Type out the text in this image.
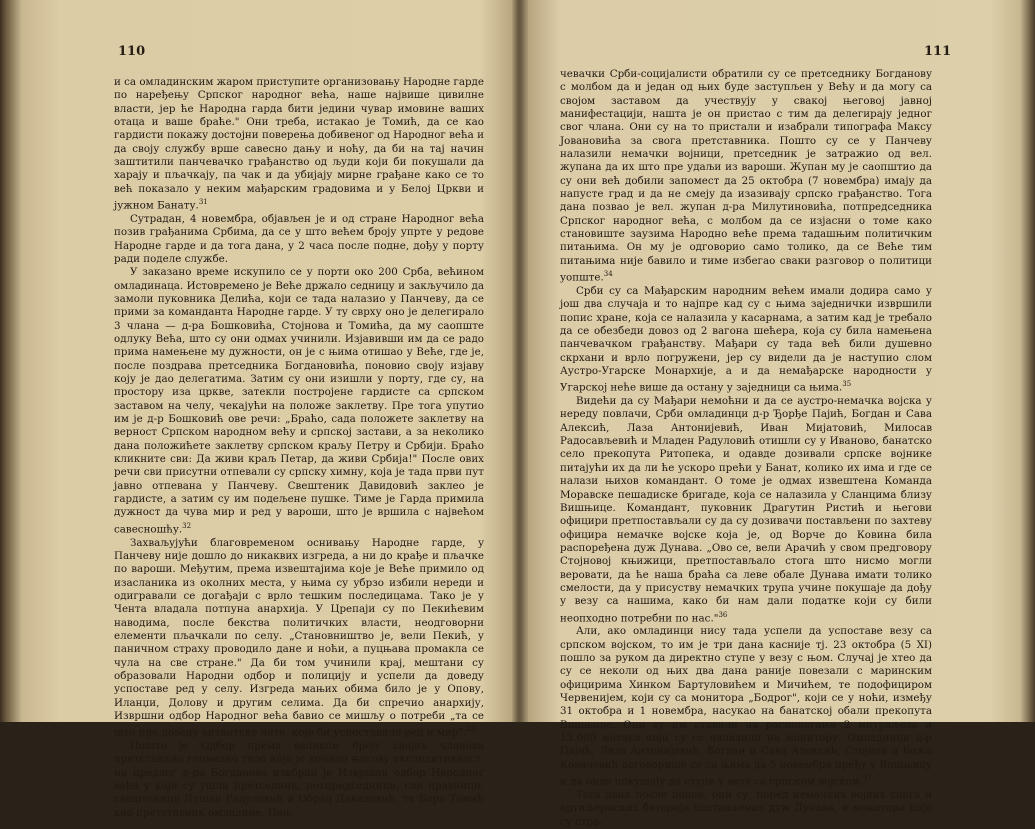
110

и са омладинским жаром приступите организовању Народне гарде по наређењу Српског народног већа, наше највише цивилне власти, јер ће Народна гарда бити једини чувар имовине ваших отаца и ваше браће." Они треба, истакао је Томић, да се као гардисти покажу достојни поверења добивеног од Народног већа и да своју службу врше савесно дању и ноћу, да би на тај начин заштитили панчевачко грађанство од људи који би покушали да харају и пљачкају, па чак и да убијају мирне грађане како се то већ показало у неким мађарским градовима и у Белој Цркви и јужном Банату.$^{31}$

Сутрадан, 4 новембра, објављен је и од стране Народног већа позив грађанима Србима, да се у што већем броју упрте у редове Народне гарде и да тога дана, у 2 часа после подне, дођу у порту ради поделе службе.

У заказано време искупило се у порти око 200 Срба, већином омладинаца. Истовремено је Веће држало седницу и закључило да замоли пуковника Делића, који се тада налазио у Панчеву, да се прими за команданта Народне гарде. У ту сврху оно је делегирало 3 члана — д-ра Бошковића, Стојнова и Томића, да му саопште одлуку Већа, што су они одмах учинили. Изјавивши им да се радо прима намењене му дужности, он је с њима отишао у Веће, где је, после поздрава претседника Богдановића, поновио своју изјаву коју је дао делегатима. Затим су они изишли у порту, где су, на простору иза цркве, затекли постројене гардисте са српском заставом на челу, чекајући на положе заклетву. Пре тога упутио им је д-р Бошковић ове речи: „Браћо, сада положете заклетву на верност Српском народном већу и српској застави, а за неколико дана положићете заклетву српском краљу Петру и Србији. Браћо кликните сви: Да живи краљ Петар, да живи Србија!" После ових речи сви присутни отпевали су српску химну, која је тада први пут јавно отпевана у Панчеву. Свештеник Давидовић заклео је гардисте, а затим су им подељене пушке. Тиме је Гарда примила дужност да чува мир и ред у вароши, што је вршила с највећом савесношћу.$^{32}$

Захваљујући благовременом оснивању Народне гарде, у Панчеву није дошло до никаквих изгреда, а ни до крађе и пљачке по вароши. Међутим, према извештајима које је Веће примило од изасланика из околних места, у њима су убрзо избили нереди и одигравали се догађаји с врло тешким последицама. Тако је у Чента владала потпуна анархија. У Црепаји су по Пекићевим наводима, после бекства политичких власти, неодговорни елементи пљачкали по селу. „Становништво је, вели Пекић, у паничном страху проводило дане и ноћи, а пуцњава промакла се чула на све стране." Да би том учинили крај, мештани су образовали Народни одбор и полицију и успели да доведу успоставе ред у селу. Изгреда мањих обима било је у Опову, Иланџи, Долову и другим селима. Да би спречио анархију, Извршни одбор Народног већа бавио се мишљу о потреби „та се што пре доведу антантске чете, које би успоставиле ред и мир".$^{33}$

Пошто је Одбор према великом броју својих чланова претстављао гломазно тело које је кочило његову експедитивност, на предлог д-ра Богданова изабран је Извршни одбор Народног већа у који су ушли претседник, потпредседници, сви правници, свештеници Душан Радуловић и Обрад Давидовић, те Бора Томић као претставник омладине. Пан-

111

чевачки Срби-социјалисти обратили су се претседнику Богданову с молбом да и један од њих буде заступљен у Већу и да могу са својом заставом да учествују у свакој његовој јавној манифестацији, нашта је он пристао с тим да делегирају једног свог члана. Они су на то пристали и изабрали типографа Максу Јовановића за свога претставника. Пошто су се у Панчеву налазили немачки војници, претседник је затражио од вел. жупана да их што пре удаљи из вароши. Жупан му је саопштио да су они већ добили запомест да 25 октобра (7 новембра) имају да напусте град и да не смеју да изазивају српско грађанство. Тога дана позвао је вел. жупан д-ра Милутиновића, потпредседника Српског народног већа, с молбом да се изјасни о томе како становиште заузима Народно веће према тадашњим политичким питањима. Он му је одговорио само толико, да се Веће тим питањима није бавило и тиме избегао сваки разговор о политици уопште.$^{34}$

Срби су са Мађарским народним већем имали додира само у још два случаја и то најпре кад су с њима заједнички извршили попис хране, која се налазила у касарнама, а затим кад је требало да се обезбеди довоз од 2 вагона шећера, која су била намењена панчевачком грађанству. Мађари су тада већ били душевно скрхани и врло погружени, јер су видели да је наступио слом Аустро-Угарске Монархије, а и да немађарске народности у Угарској неће више да остану у заједници са њима.$^{35}$

Видећи да су Мађари немоћни и да се аустро-немачка војска у нереду повлачи, Срби омладинци д-р Ђорђе Пајић, Богдан и Сава Алексић, Лаза Антонијевић, Иван Мијатовић, Милосав Радосављевић и Младен Радуловић отишли су у Иваново, банатско село прекопута Ритопека, и одавде дозивали српске војнике питајући их да ли ће ускоро прећи у Банат, колико их има и где се налази њихов командант. О томе је одмах извештена Команда Моравске пешадиске бригаде, која се налазила у Сланцима близу Вишњице. Командант, пуковник Драгутин Ристић и његови официри претпостављали су да су дозивачи постављени по захтеву официра немачке војске која је, од Ворче до Ковина била распоређена дуж Дунава. „Ово се, вели Арачић у свом предговору Стојновој књижици, претпостављало стога што нисмо могли веровати, да ће наша браћа са леве обале Дунава имати толико смелости, да у присуству немачких трупа учине покушаје да дођу у везу са нашима, како би нам дали податке који су били неопходно потребни по нас."$^{36}$

Али, ако омладинци нису тада успели да успоставе везу са српском војском, то им је три дана касније тј. 23 октобра (5 XI) пошло за руком да директно ступе у везу с њом. Случај је хтео да су се неколи од њих два дана раније повезали с маринским официрима Хинком Бартуловићем и Мичићем, те подофицирoм Червенијем, који су са монитора „Бодрог", који се у ноћи, између 31 октобра и 1 новембра, насукао на банатској обали прекопута Вишњице. Они су им ставили на располагање 2 митраљеза и 13.000 метака који су се налазили на монитору. Омладинци д-р Пајић, Лаза Антонијевић, Богдан и Сава Алексић, Стојнов и Божа Ковачевић договорише се са њима да 5 новембра пређу у Вишњицу и да онде покушају да ступе у везу са српском војском.$^{37}$

Тога дана после подне, они су, поред немачких војних снага и артиљериских батерија постављених дуж Дунава, и монитора који су стра-
